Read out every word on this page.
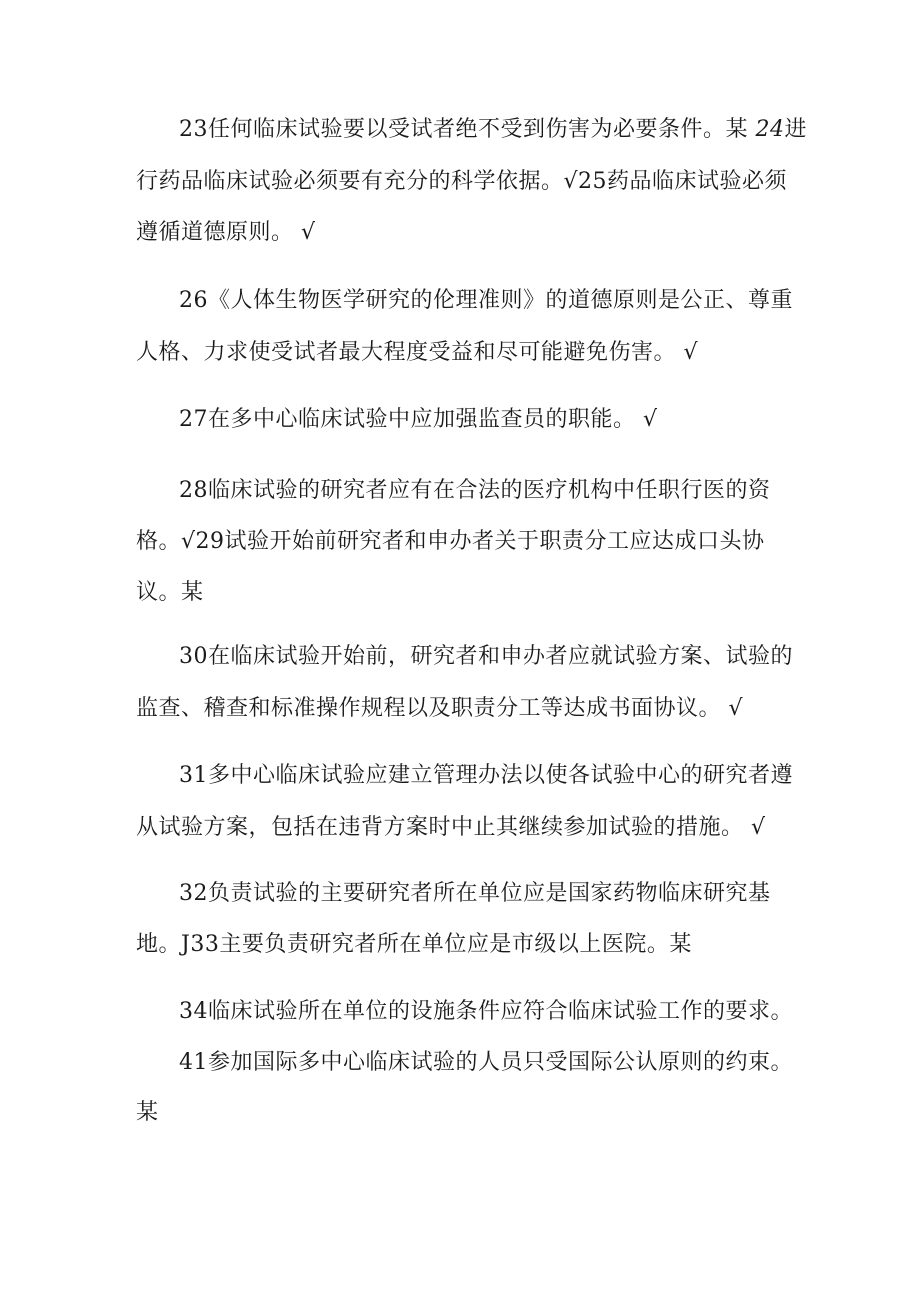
23任何临床试验要以受试者绝不受到伤害为必要条件。某 24进
行药品临床试验必须要有充分的科学依据。√25药品临床试验必须
遵循道德原则。 √
26《人体生物医学研究的伦理准则》的道德原则是公正、尊重
人格、力求使受试者最大程度受益和尽可能避免伤害。 √
27在多中心临床试验中应加强监查员的职能。 √
28临床试验的研究者应有在合法的医疗机构中任职行医的资
格。√29试验开始前研究者和申办者关于职责分工应达成口头协
议。某
30在临床试验开始前，研究者和申办者应就试验方案、试验的
监查、稽查和标准操作规程以及职责分工等达成书面协议。 √
31多中心临床试验应建立管理办法以使各试验中心的研究者遵
从试验方案，包括在违背方案时中止其继续参加试验的措施。 √
32负责试验的主要研究者所在单位应是国家药物临床研究基
地。J33主要负责研究者所在单位应是市级以上医院。某
34临床试验所在单位的设施条件应符合临床试验工作的要求。
41参加国际多中心临床试验的人员只受国际公认原则的约束。
某
